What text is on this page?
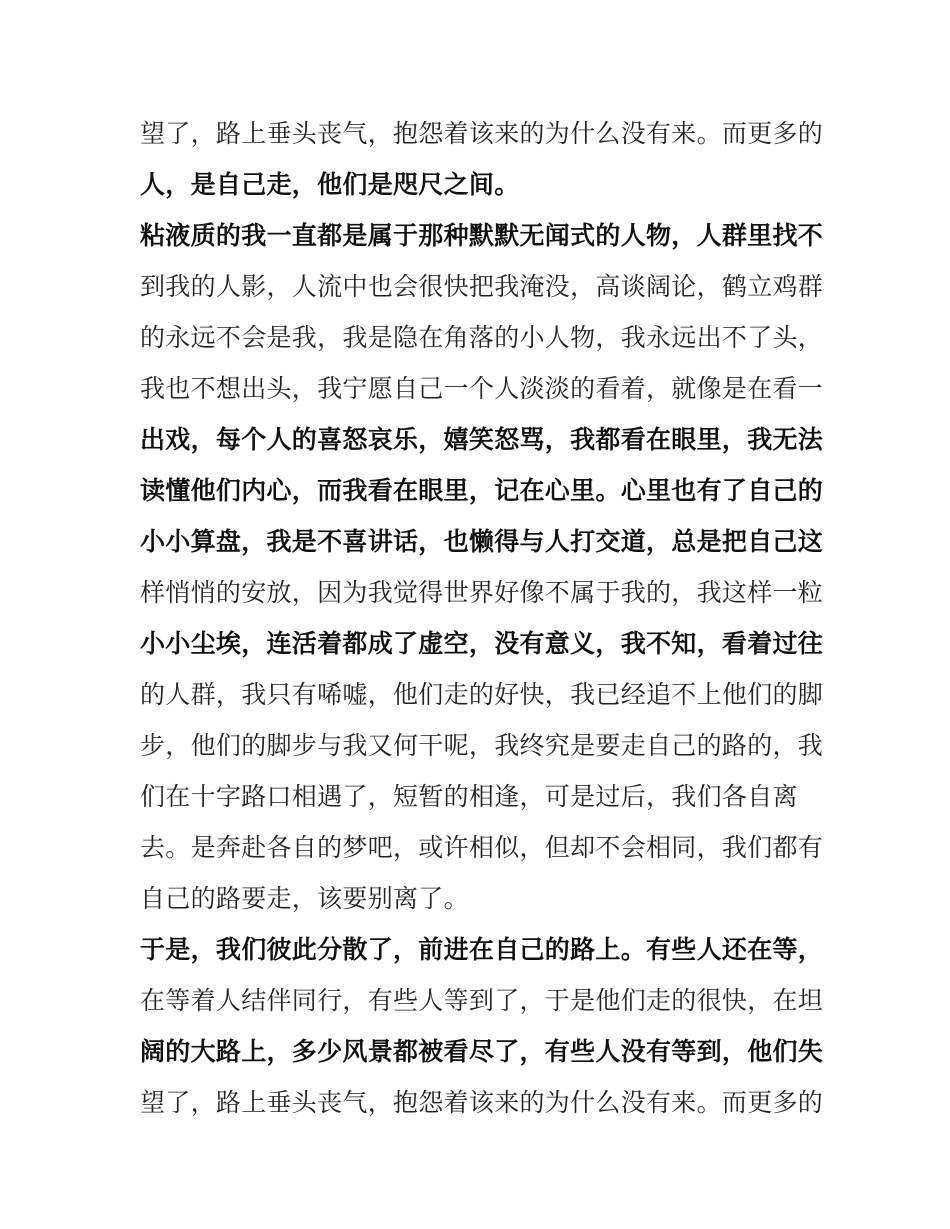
望了，路上垂头丧气，抱怨着该来的为什么没有来。而更多的
人，是自己走，他们是咫尺之间。
粘液质的我一直都是属于那种默默无闻式的人物，人群里找不
到我的人影，人流中也会很快把我淹没，高谈阔论，鹤立鸡群
的永远不会是我，我是隐在角落的小人物，我永远出不了头，
我也不想出头，我宁愿自己一个人淡淡的看着，就像是在看一
出戏，每个人的喜怒哀乐，嬉笑怒骂，我都看在眼里，我无法
读懂他们内心，而我看在眼里，记在心里。心里也有了自己的
小小算盘，我是不喜讲话，也懒得与人打交道，总是把自己这
样悄悄的安放，因为我觉得世界好像不属于我的，我这样一粒
小小尘埃，连活着都成了虚空，没有意义，我不知，看着过往
的人群，我只有唏嘘，他们走的好快，我已经追不上他们的脚
步，他们的脚步与我又何干呢，我终究是要走自己的路的，我
们在十字路口相遇了，短暂的相逢，可是过后，我们各自离
去。是奔赴各自的梦吧，或许相似，但却不会相同，我们都有
自己的路要走，该要别离了。
于是，我们彼此分散了，前进在自己的路上。有些人还在等，
在等着人结伴同行，有些人等到了，于是他们走的很快，在坦
阔的大路上，多少风景都被看尽了，有些人没有等到，他们失
望了，路上垂头丧气，抱怨着该来的为什么没有来。而更多的
